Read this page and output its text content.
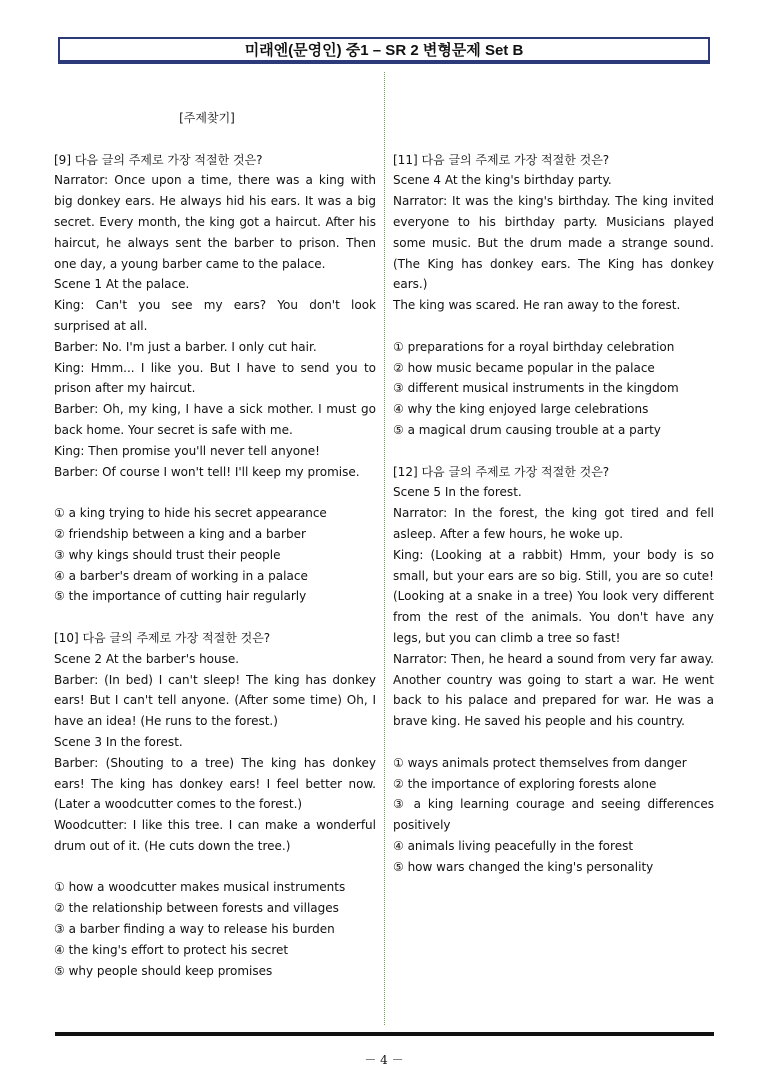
미래엔(문영인) 중1 – SR 2 변형문제 Set B

[주제찾기]

[9] 다음 글의 주제로 가장 적절한 것은?

Narrator: Once upon a time, there was a king with big donkey ears. He always hid his ears. It was a big secret. Every month, the king got a haircut. After his haircut, he always sent the barber to prison. Then one day, a young barber came to the palace.

Scene 1 At the palace.

King: Can't you see my ears? You don't look surprised at all.

Barber: No. I'm just a barber. I only cut hair.

King: Hmm... I like you. But I have to send you to prison after my haircut.

Barber: Oh, my king, I have a sick mother. I must go back home. Your secret is safe with me.

King: Then promise you'll never tell anyone!

Barber: Of course I won't tell! I'll keep my promise.

① a king trying to hide his secret appearance

② friendship between a king and a barber

③ why kings should trust their people

④ a barber's dream of working in a palace

⑤ the importance of cutting hair regularly

[10] 다음 글의 주제로 가장 적절한 것은?

Scene 2 At the barber's house.

Barber: (In bed) I can't sleep! The king has donkey ears! But I can't tell anyone. (After some time) Oh, I have an idea! (He runs to the forest.)

Scene 3 In the forest.

Barber: (Shouting to a tree) The king has donkey ears! The king has donkey ears! I feel better now. (Later a woodcutter comes to the forest.)

Woodcutter: I like this tree. I can make a wonderful drum out of it. (He cuts down the tree.)

① how a woodcutter makes musical instruments

② the relationship between forests and villages

③ a barber finding a way to release his burden

④ the king's effort to protect his secret

⑤ why people should keep promises

[11] 다음 글의 주제로 가장 적절한 것은?

Scene 4 At the king's birthday party.

Narrator: It was the king's birthday. The king invited everyone to his birthday party. Musicians played some music. But the drum made a strange sound. (The King has donkey ears. The King has donkey ears.)

The king was scared. He ran away to the forest.

① preparations for a royal birthday celebration

② how music became popular in the palace

③ different musical instruments in the kingdom

④ why the king enjoyed large celebrations

⑤ a magical drum causing trouble at a party

[12] 다음 글의 주제로 가장 적절한 것은?

Scene 5 In the forest.

Narrator: In the forest, the king got tired and fell asleep. After a few hours, he woke up.

King: (Looking at a rabbit) Hmm, your body is so small, but your ears are so big. Still, you are so cute! (Looking at a snake in a tree) You look very different from the rest of the animals. You don't have any legs, but you can climb a tree so fast!

Narrator: Then, he heard a sound from very far away. Another country was going to start a war. He went back to his palace and prepared for war. He was a brave king. He saved his people and his country.

① ways animals protect themselves from danger

② the importance of exploring forests alone

③ a king learning courage and seeing differences positively

④ animals living peacefully in the forest

⑤ how wars changed the king's personality

－ 4 －
